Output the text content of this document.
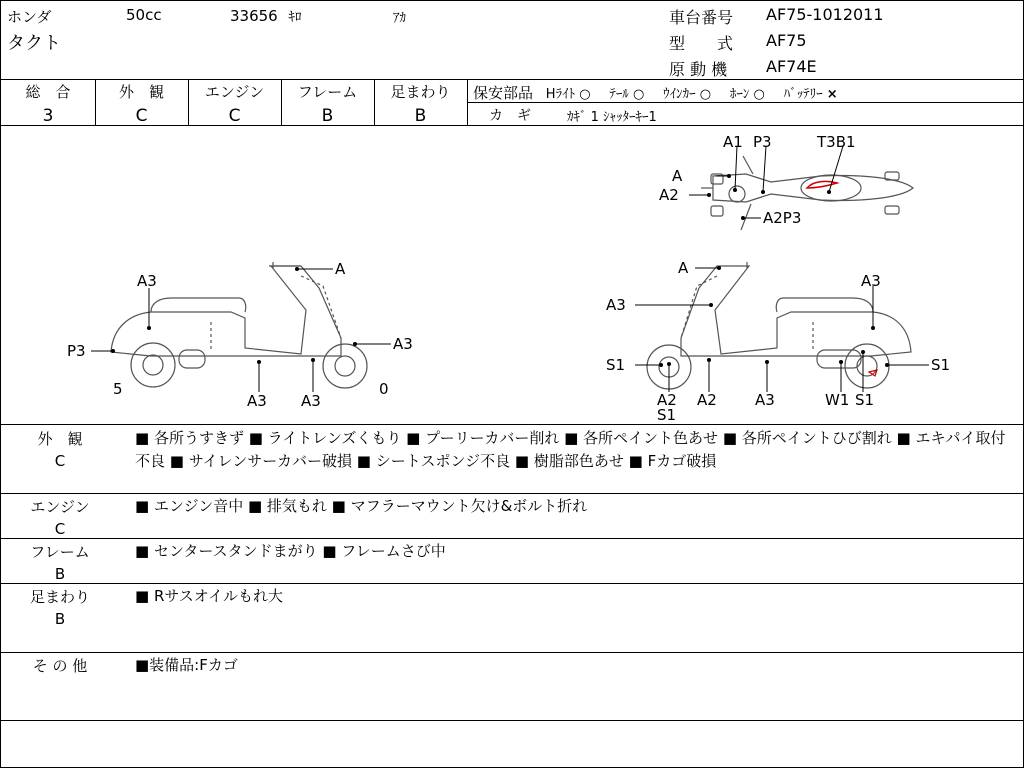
ホンダ
タクト
50cc	33656 ｷﾛ	ｱｶ	車台番号 AF75-1012011
型　　式 AF75
原 動 機 AF74E
総　合
3
外　観
C
エンジン
C
フレーム
B
足まわり
B
保安部品 Hﾗｲﾄ ○ ﾃｰﾙ ○ ｳｲﾝｶｰ ○ ﾎｰﾝ ○ ﾊﾞｯﾃﾘｰ ×
カ　ギ	ｶｷﾞ 1 ｼｬｯﾀｰｷｰ1
A1 P3	T3B1
A
A2
A2P3
A3
A
P3	A3
5	0
A3 A3
A
A3
A3
S1	S1
A2
S1
A2	A3	W1 S1
外　観
C
■ 各所うすきず ■ ライトレンズくもり ■ プーリーカバー削れ ■ 各所ペイント色あせ ■ 各所ペイントひび割れ ■ エキパイ取付不良 ■ サイレンサーカバー破損 ■ シートスポンジ不良 ■ 樹脂部色あせ ■ Fカゴ破損
エンジン
C
■ エンジン音中 ■ 排気もれ ■ マフラーマウント欠け&ボルト折れ
フレーム
B
■ センタースタンドまがり ■ フレームさび中
足まわり
B
■ Rサスオイルもれ大
そ の 他	■装備品:Fカゴ
